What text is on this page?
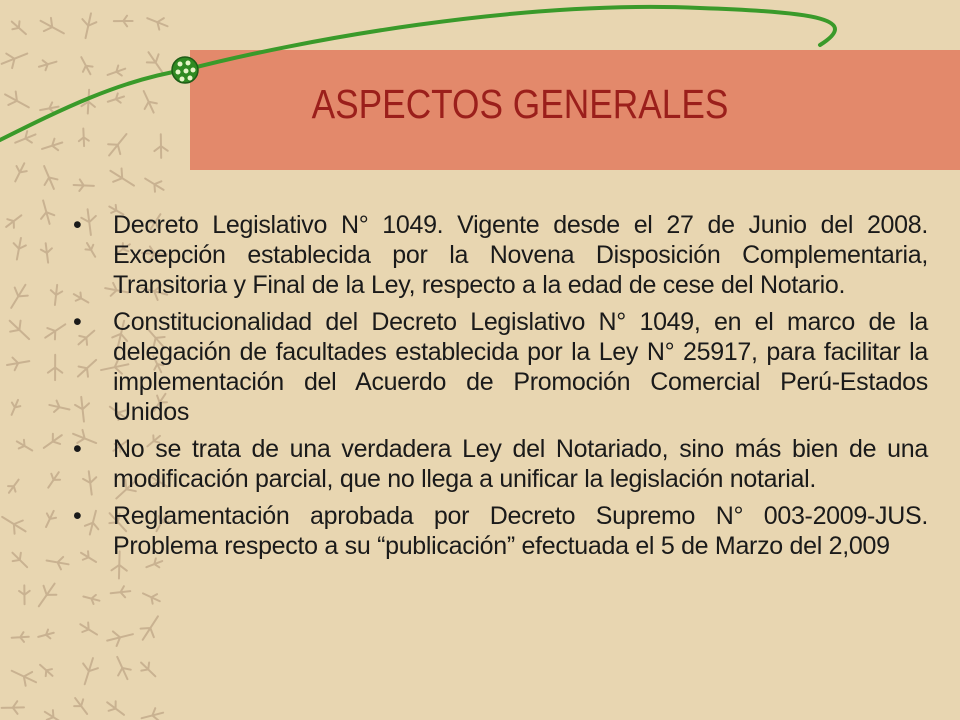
ASPECTOS GENERALES
• Decreto Legislativo N° 1049. Vigente desde el 27 de Junio del 2008. Excepción establecida por la Novena Disposición Complementaria, Transitoria y Final de la Ley, respecto a la edad de cese del Notario.
• Constitucionalidad del Decreto Legislativo N° 1049, en el marco de la delegación de facultades establecida por la Ley N° 25917, para facilitar la implementación del Acuerdo de Promoción Comercial Perú-Estados Unidos
• No se trata de una verdadera Ley del Notariado, sino más bien de una modificación parcial, que no llega a unificar la legislación notarial.
• Reglamentación aprobada por Decreto Supremo N° 003-2009-JUS. Problema respecto a su “publicación” efectuada el 5 de Marzo del 2,009
